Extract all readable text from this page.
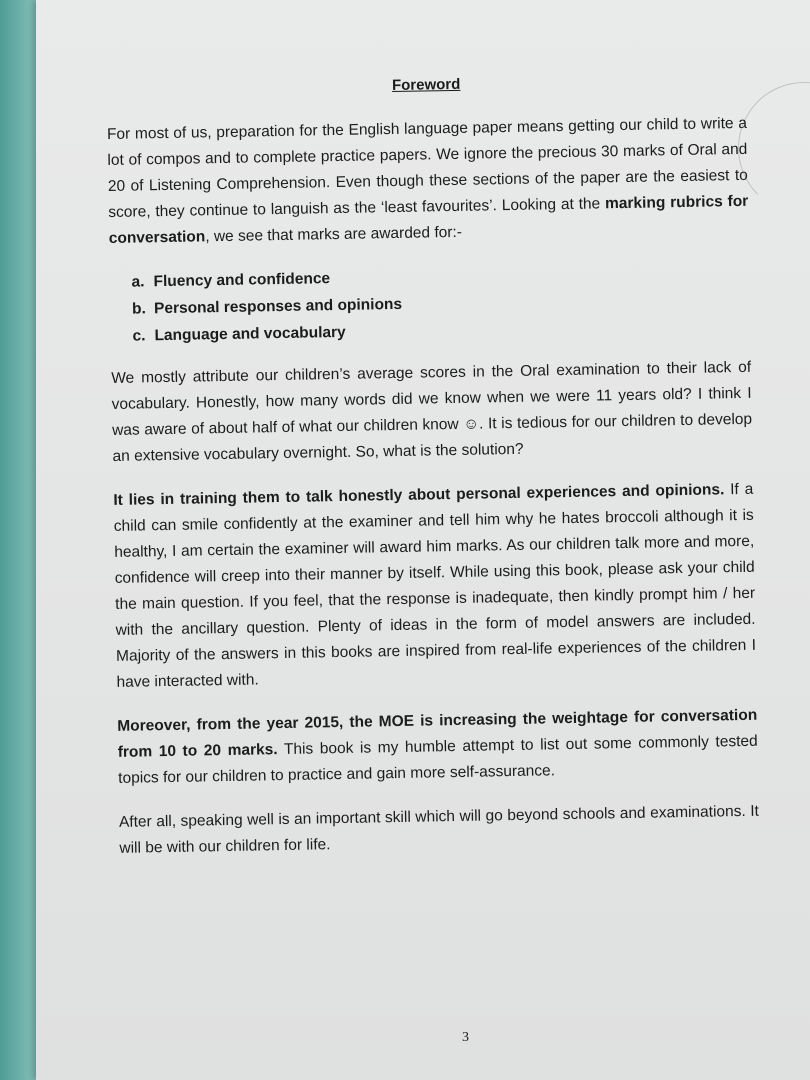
Foreword

For most of us, preparation for the English language paper means getting our child to write a lot of compos and to complete practice papers. We ignore the precious 30 marks of Oral and 20 of Listening Comprehension. Even though these sections of the paper are the easiest to score, they continue to languish as the ‘least favourites’. Looking at the marking rubrics for conversation, we see that marks are awarded for:-

a. Fluency and confidence
b. Personal responses and opinions
c. Language and vocabulary

We mostly attribute our children’s average scores in the Oral examination to their lack of vocabulary. Honestly, how many words did we know when we were 11 years old? I think I was aware of about half of what our children know ☺. It is tedious for our children to develop an extensive vocabulary overnight. So, what is the solution?

It lies in training them to talk honestly about personal experiences and opinions. If a child can smile confidently at the examiner and tell him why he hates broccoli although it is healthy, I am certain the examiner will award him marks. As our children talk more and more, confidence will creep into their manner by itself. While using this book, please ask your child the main question. If you feel, that the response is inadequate, then kindly prompt him / her with the ancillary question. Plenty of ideas in the form of model answers are included. Majority of the answers in this books are inspired from real-life experiences of the children I have interacted with.

Moreover, from the year 2015, the MOE is increasing the weightage for conversation from 10 to 20 marks. This book is my humble attempt to list out some commonly tested topics for our children to practice and gain more self-assurance.

After all, speaking well is an important skill which will go beyond schools and examinations. It will be with our children for life.

3
